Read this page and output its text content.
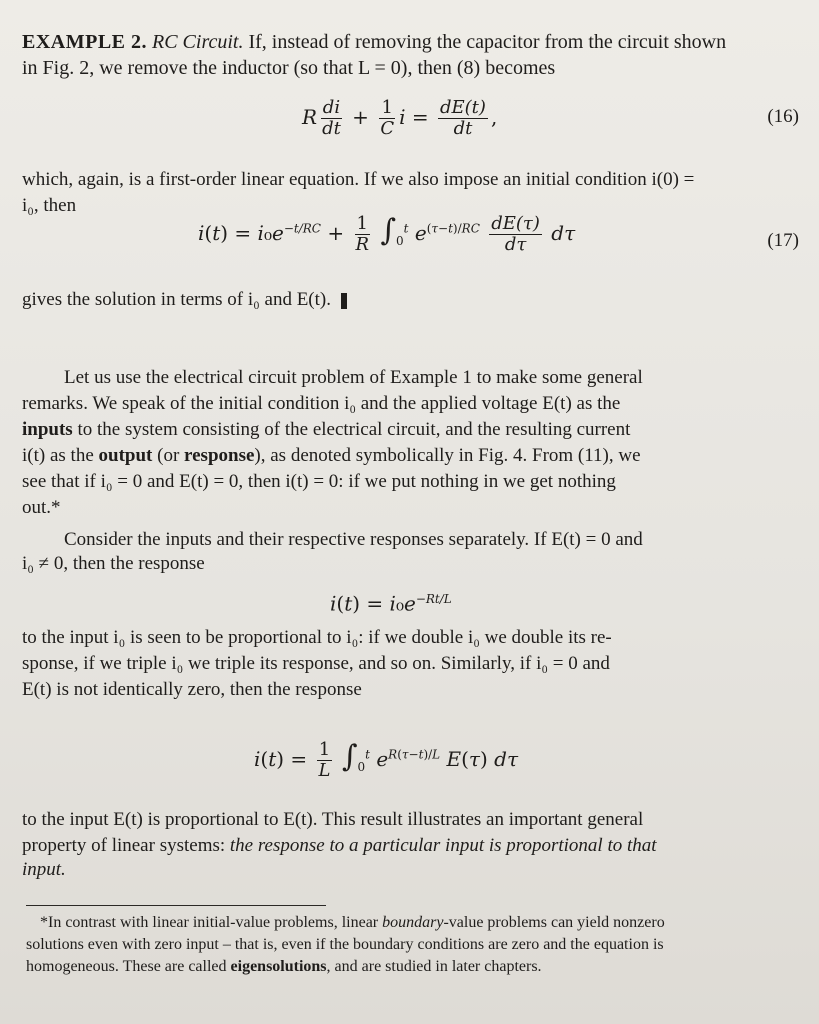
EXAMPLE 2. RC Circuit. If, instead of removing the capacitor from the circuit shown
in Fig. 2, we remove the inductor (so that L = 0), then (8) becomes
R $\frac{di}{dt} + \frac{1}{C}$ $i = \frac{dE(t)}{dt}$ ,	(16)
which, again, is a first-order linear equation. If we also impose an initial condition i(0) =
i₀, then
$i(t) = i_0e^{-t/RC} + \frac{1}{R} \int_0^t$ $e^{(\tau-t)/RC} \frac{dE(\tau)}{d\tau}$ dτ	(17)
gives the solution in terms of i₀ and E(t).
Let us use the electrical circuit problem of Example 1 to make some general
remarks. We speak of the initial condition i₀ and the applied voltage E(t) as the
inputs to the system consisting of the electrical circuit, and the resulting current
i(t) as the output (or response), as denoted symbolically in Fig. 4. From (11), we
see that if i₀ = 0 and E(t) = 0, then i(t) = 0: if we put nothing in we get nothing
out.*
Consider the inputs and their respective responses separately. If E(t) = 0 and
i₀ ≠ 0, then the response
$i(t) = i_0e^{-Rt/L}$
to the input i₀ is seen to be proportional to i₀: if we double i₀ we double its re-
sponse, if we triple i₀ we triple its response, and so on. Similarly, if i₀ = 0 and
E(t) is not identically zero, then the response
$i(t) = \frac{1}{L} \int_0^t$ $e^{R(\tau-t)/L}$ E(τ) dτ
to the input E(t) is proportional to E(t). This result illustrates an important general
property of linear systems: the response to a particular input is proportional to that
input.
*In contrast with linear initial-value problems, linear boundary-value problems can yield nonzero
solutions even with zero input – that is, even if the boundary conditions are zero and the equation is
homogeneous. These are called eigensolutions, and are studied in later chapters.
